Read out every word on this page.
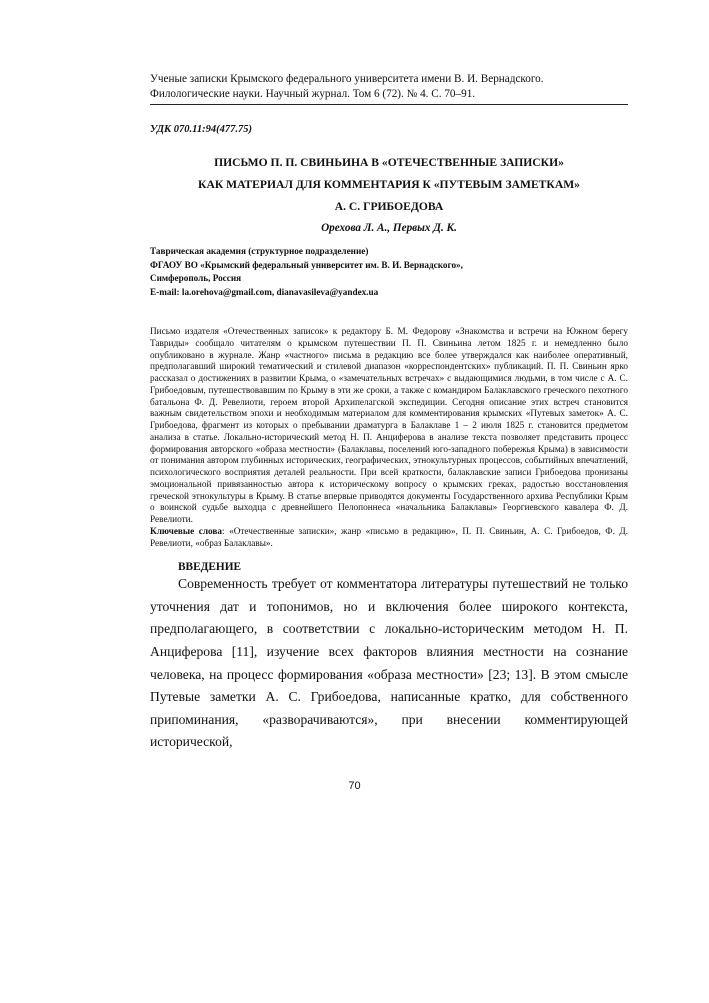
Ученые записки Крымского федерального университета имени В. И. Вернадского.
Филологические науки. Научный журнал. Том 6 (72). № 4. С. 70–91.
УДК 070.11:94(477.75)
ПИСЬМО П. П. СВИНЬИНА В «ОТЕЧЕСТВЕННЫЕ ЗАПИСКИ»
КАК МАТЕРИАЛ ДЛЯ КОММЕНТАРИЯ К «ПУТЕВЫМ ЗАМЕТКАМ»
А. С. ГРИБОЕДОВА
Орехова Л. А., Первых Д. К.
Таврическая академия (структурное подразделение)
ФГАОУ ВО «Крымский федеральный университет им. В. И. Вернадского»,
Симферополь, Россия
E-mail: la.orehova@gmail.com, dianavasileva@yandex.ua
Письмо издателя «Отечественных записок» к редактору Б. М. Федорову «Знакомства и встречи на Южном берегу Тавриды» сообщало читателям о крымском путешествии П. П. Свиньина летом 1825 г. и немедленно было опубликовано в журнале. Жанр «частного» письма в редакцию все более утверждался как наиболее оперативный, предполагавший широкий тематический и стилевой диапазон «корреспондентских» публикаций. П. П. Свиньин ярко рассказал о достижениях в развитии Крыма, о «замечательных встречах» с выдающимися людьми, в том числе с А. С. Грибоедовым, путешествовавшим по Крыму в эти же сроки, а также с командиром Балаклавского греческого пехотного батальона Ф. Д. Ревелиоти, героем второй Архипелагской экспедиции. Сегодня описание этих встреч становится важным свидетельством эпохи и необходимым материалом для комментирования крымских «Путевых заметок» А. С. Грибоедова, фрагмент из которых о пребывании драматурга в Балаклаве 1 – 2 июля 1825 г. становится предметом анализа в статье. Локально-исторический метод Н. П. Анциферова в анализе текста позволяет представить процесс формирования авторского «образа местности» (Балаклавы, поселений юго-западного побережья Крыма) в зависимости от понимания автором глубинных исторических, географических, этнокультурных процессов, событийных впечатлений, психологического восприятия деталей реальности. При всей краткости, балаклавские записи Грибоедова пронизаны эмоциональной привязанностью автора к историческому вопросу о крымских греках, радостью восстановления греческой этнокультуры в Крыму. В статье впервые приводятся документы Государственного архива Республики Крым о воинской судьбе выходца с древнейшего Пелопоннеса «начальника Балаклавы» Георгиевского кавалера Ф. Д. Ревелиоти.
Ключевые слова: «Отечественные записки», жанр «письмо в редакцию», П. П. Свиньин, А. С. Грибоедов, Ф. Д. Ревелиоти, «образ Балаклавы».
ВВЕДЕНИЕ
Современность требует от комментатора литературы путешествий не только уточнения дат и топонимов, но и включения более широкого контекста, предполагающего, в соответствии с локально-историческим методом Н. П. Анциферова [11], изучение всех факторов влияния местности на сознание человека, на процесс формирования «образа местности» [23; 13]. В этом смысле Путевые заметки А. С. Грибоедова, написанные кратко, для собственного припоминания, «разворачиваются», при внесении комментирующей исторической,
70
